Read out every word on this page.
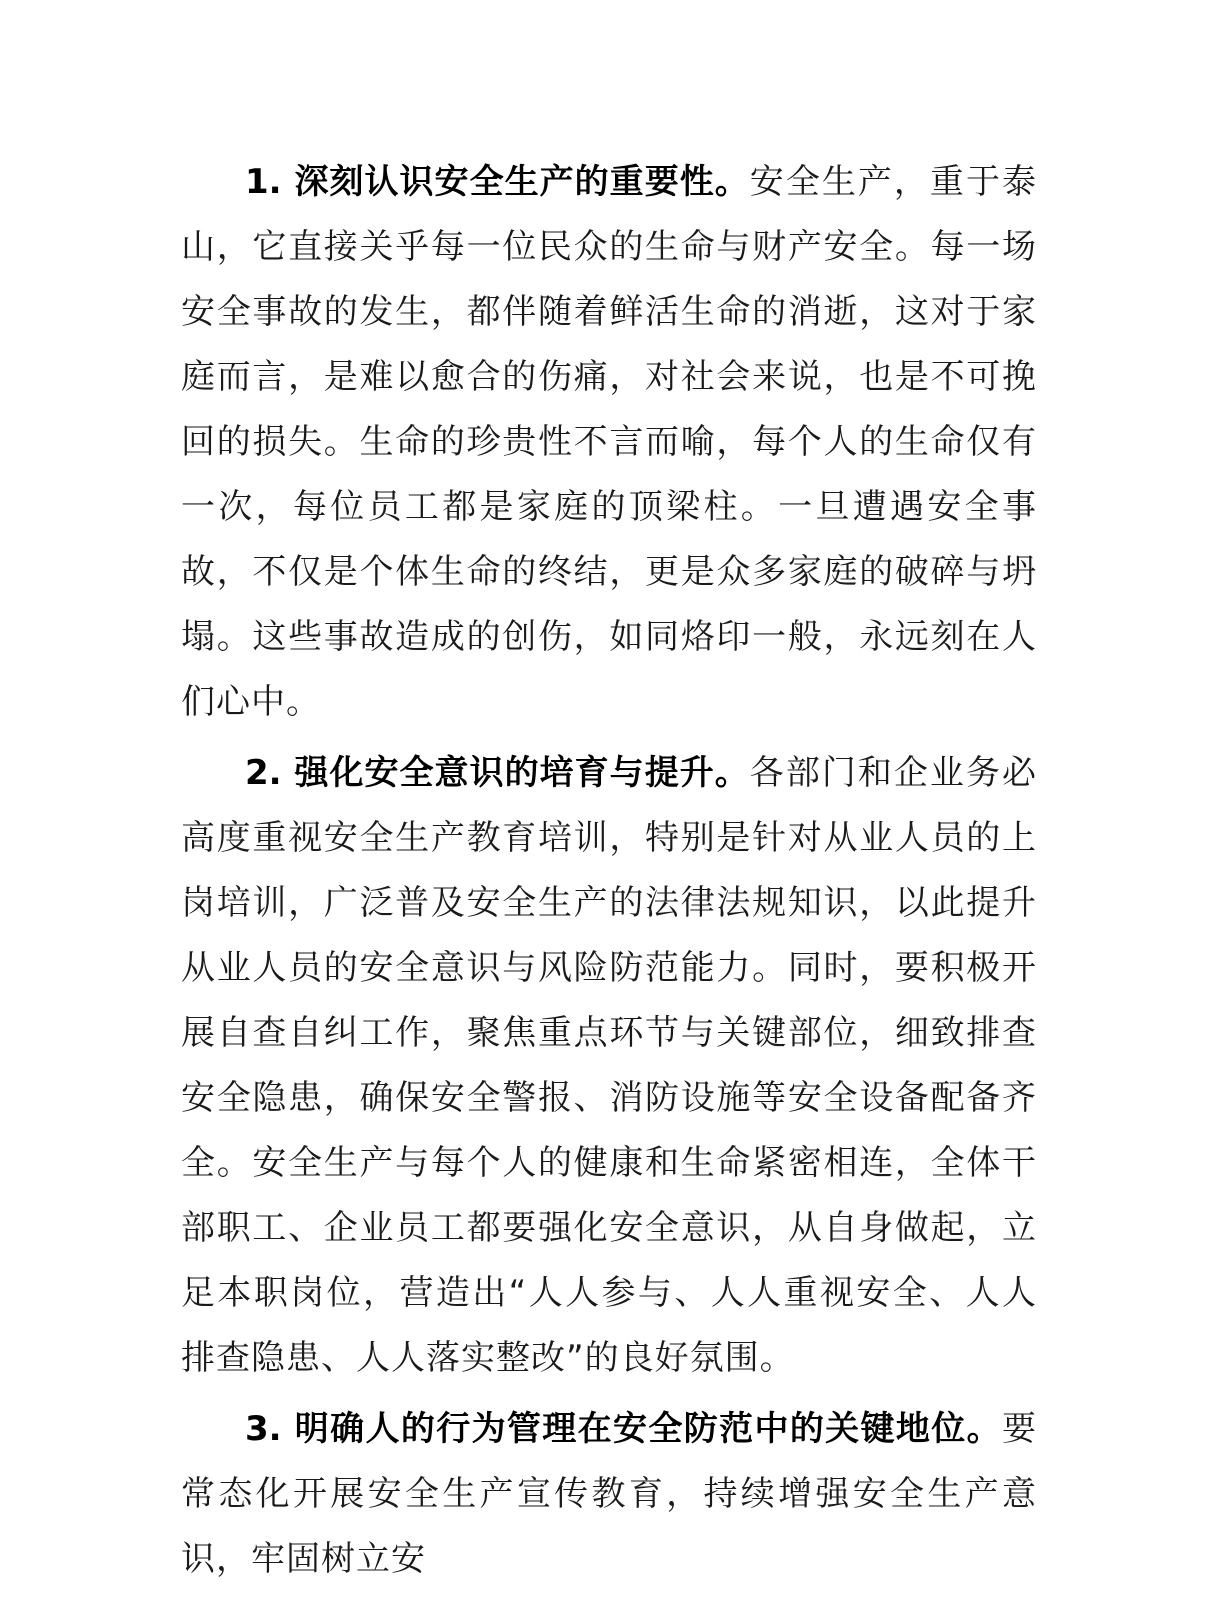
1. 深刻认识安全生产的重要性。安全生产，重于泰山，它直接关乎每一位民众的生命与财产安全。每一场安全事故的发生，都伴随着鲜活生命的消逝，这对于家庭而言，是难以愈合的伤痛，对社会来说，也是不可挽回的损失。生命的珍贵性不言而喻，每个人的生命仅有一次，每位员工都是家庭的顶梁柱。一旦遭遇安全事故，不仅是个体生命的终结，更是众多家庭的破碎与坍塌。这些事故造成的创伤，如同烙印一般，永远刻在人们心中。

2. 强化安全意识的培育与提升。各部门和企业务必高度重视安全生产教育培训，特别是针对从业人员的上岗培训，广泛普及安全生产的法律法规知识，以此提升从业人员的安全意识与风险防范能力。同时，要积极开展自查自纠工作，聚焦重点环节与关键部位，细致排查安全隐患，确保安全警报、消防设施等安全设备配备齐全。安全生产与每个人的健康和生命紧密相连，全体干部职工、企业员工都要强化安全意识，从自身做起，立足本职岗位，营造出“人人参与、人人重视安全、人人排查隐患、人人落实整改”的良好氛围。

3. 明确人的行为管理在安全防范中的关键地位。要常态化开展安全生产宣传教育，持续增强安全生产意识，牢固树立安
